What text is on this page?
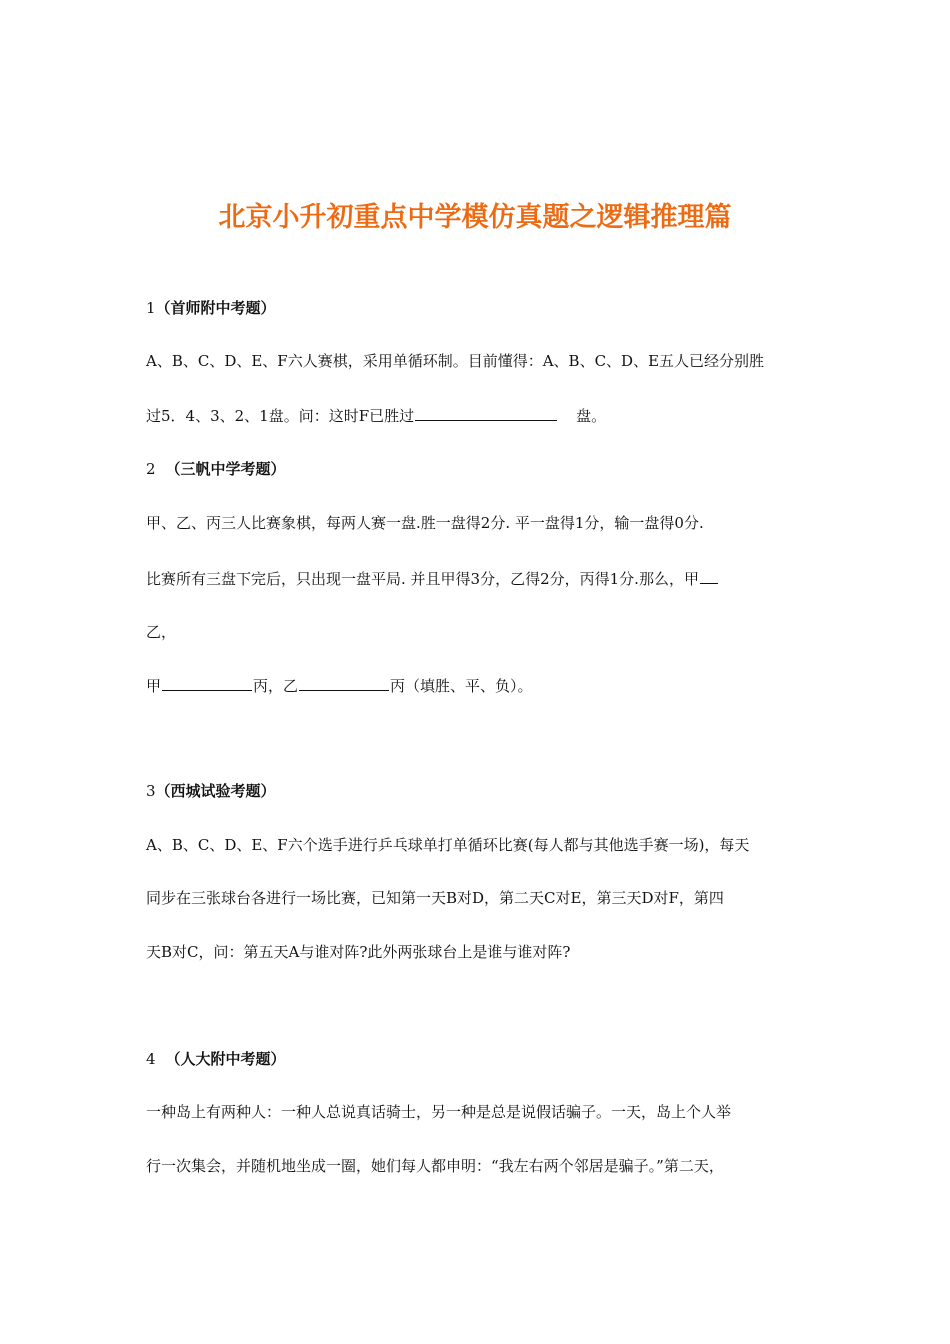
北京小升初重点中学模仿真题之逻辑推理篇

1（首师附中考题）

A、B、C、D、E、F六人赛棋，采用单循环制。目前懂得：A、B、C、D、E五人已经分别胜

过5．4、3、2、1盘。问：这时F已胜过	盘。

2 （三帆中学考题）

甲、乙、丙三人比赛象棋，每两人赛一盘.胜一盘得2分. 平一盘得1分，输一盘得0分.

比赛所有三盘下完后，只出现一盘平局. 并且甲得3分，乙得2分，丙得1分.那么，甲

乙，

甲	丙，乙	丙（填胜、平、负）。

3（西城试验考题）

A、B、C、D、E、F六个选手进行乒乓球单打单循环比赛(每人都与其他选手赛一场)，每天

同步在三张球台各进行一场比赛，已知第一天B对D，第二天C对E，第三天D对F，第四

天B对C，问：第五天A与谁对阵?此外两张球台上是谁与谁对阵?

4 （人大附中考题）

一种岛上有两种人：一种人总说真话骑士，另一种是总是说假话骗子。一天，岛上个人举

行一次集会，并随机地坐成一圈，她们每人都申明：“我左右两个邻居是骗子。”第二天，
